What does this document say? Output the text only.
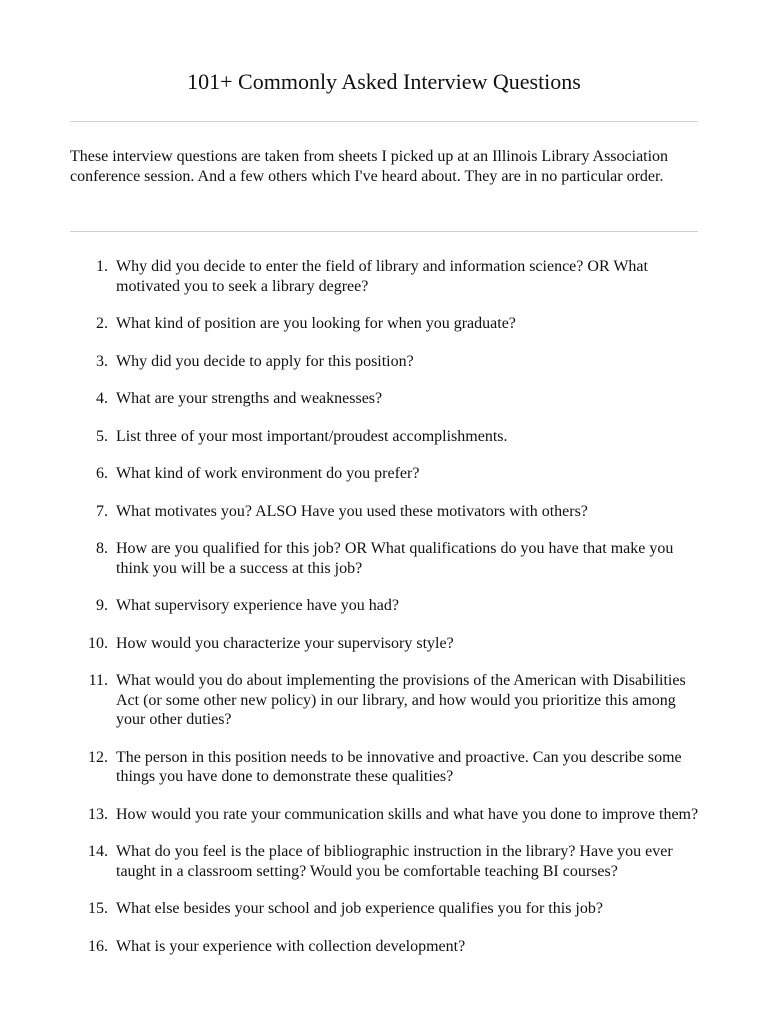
101+ Commonly Asked Interview Questions

These interview questions are taken from sheets I picked up at an Illinois Library Association conference session. And a few others which I've heard about. They are in no particular order.

1. Why did you decide to enter the field of library and information science? OR What motivated you to seek a library degree?
2. What kind of position are you looking for when you graduate?
3. Why did you decide to apply for this position?
4. What are your strengths and weaknesses?
5. List three of your most important/proudest accomplishments.
6. What kind of work environment do you prefer?
7. What motivates you? ALSO Have you used these motivators with others?
8. How are you qualified for this job? OR What qualifications do you have that make you think you will be a success at this job?
9. What supervisory experience have you had?
10. How would you characterize your supervisory style?
11. What would you do about implementing the provisions of the American with Disabilities Act (or some other new policy) in our library, and how would you prioritize this among your other duties?
12. The person in this position needs to be innovative and proactive. Can you describe some things you have done to demonstrate these qualities?
13. How would you rate your communication skills and what have you done to improve them?
14. What do you feel is the place of bibliographic instruction in the library? Have you ever taught in a classroom setting? Would you be comfortable teaching BI courses?
15. What else besides your school and job experience qualifies you for this job?
16. What is your experience with collection development?
